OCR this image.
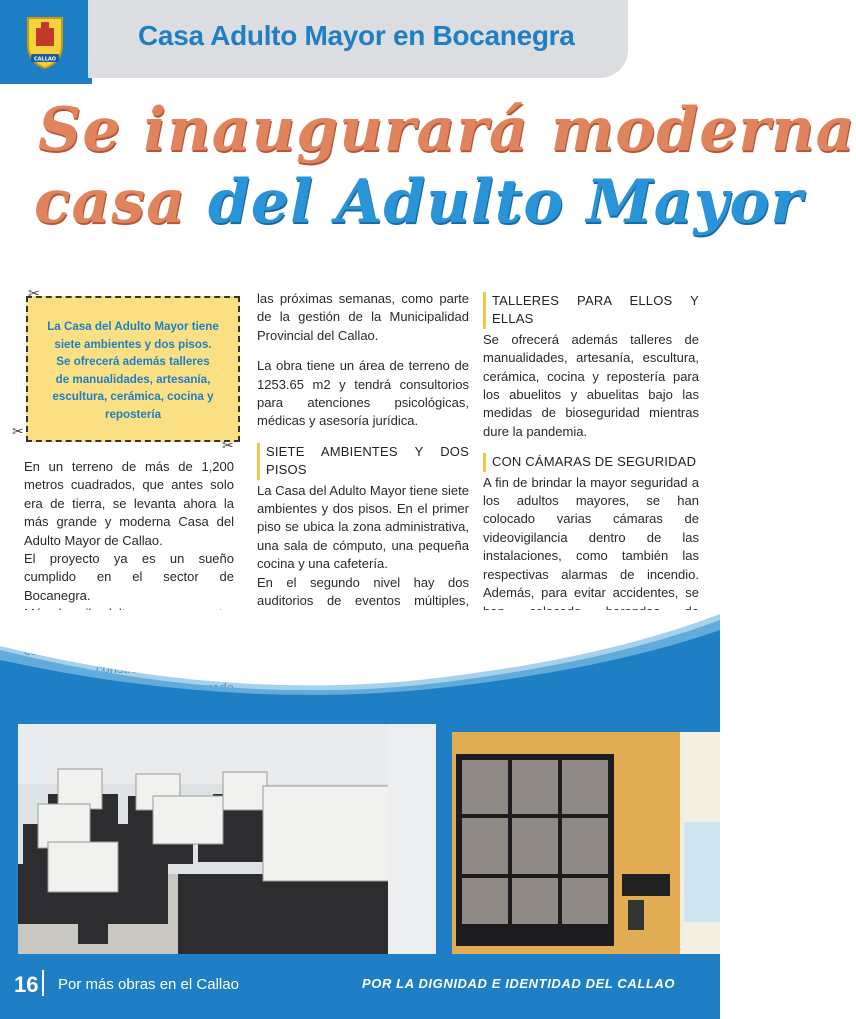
CALLAO
Casa Adulto Mayor en Bocanegra
Se inaugurará moderna
casa del Adulto Mayor
✂
✂
✂
La Casa del Adulto Mayor tiene
siete ambientes y dos pisos.
Se ofrecerá además talleres
de manualidades, artesanía,
escultura, cerámica, cocina y
repostería

En un terreno de más de 1,200 metros cuadrados, que antes solo era de tierra, se levanta ahora la más grande y moderna Casa del Adulto Mayor de Callao.

El proyecto ya es un sueño cumplido en el sector de Bocanegra.

las próximas semanas, como parte de la gestión de la Municipalidad Provincial del Callao.

La obra tiene un área de terreno de 1253.65 m2 y tendrá consultorios para atenciones psicológicas, médicas y asesoría jurídica.

SIETE AMBIENTES Y DOS PISOS

La Casa del Adulto Mayor tiene siete ambientes y dos pisos. En el primer piso se ubica la zona administrativa, una sala de cómputo, una pequeña cocina y una cafetería.

En el segundo nivel hay dos auditorios de eventos múltiples,

TALLERES PARA ELLOS Y ELLAS

Se ofrecerá además talleres de manualidades, artesanía, escultura, cerámica, cocina y repostería para los abuelitos y abuelitas bajo las medidas de bioseguridad mientras dure la pandemia.

CON CÁMARAS DE SEGURIDAD

A fin de brindar la mayor seguridad a los adultos mayores, se han colocado varias cámaras de videovigilancia dentro de las instalaciones, como también las respectivas alarmas de incendio. Además, para evitar accidentes, se

16 Por más obras en el Callao	POR LA DIGNIDAD E IDENTIDAD DEL CALLAO
